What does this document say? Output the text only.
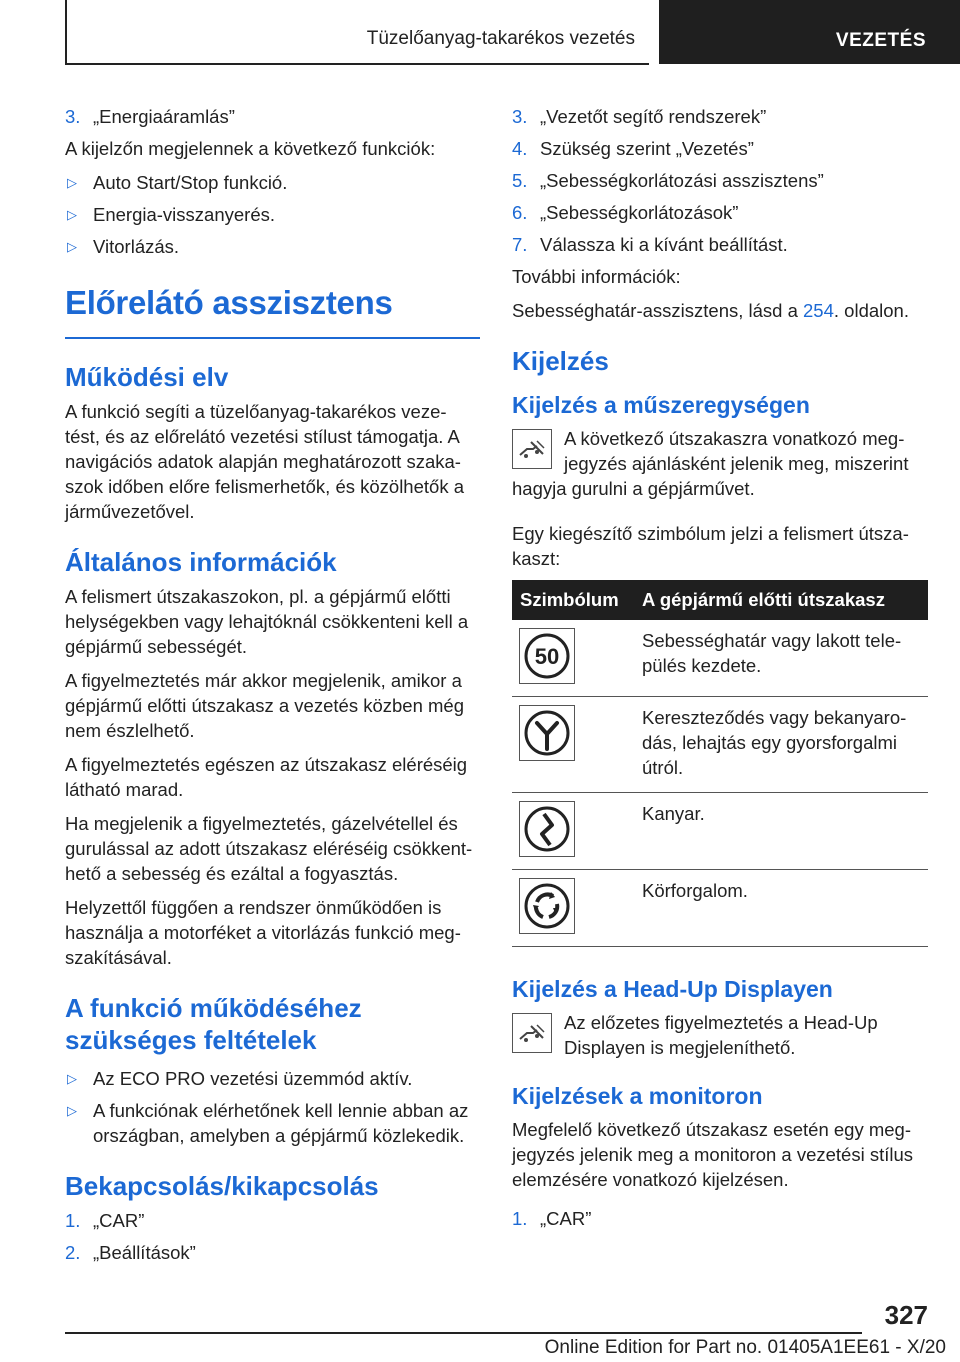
Tüzelőanyag-takarékos vezetés	VEZETÉS
3. „Energiaáramlás”

A kijelzőn megjelennek a következő funkciók:

▷ Auto Start/Stop funkció.
▷ Energia-visszanyerés.
▷ Vitorlázás.
Előrelátó asszisztens
Működési elv

A funkció segíti a tüzelőanyag-takarékos veze-tést, és az előrelátó vezetési stílust támogatja. A navigációs adatok alapján meghatározott szaka-szok időben előre felismerhetők, és közölhetők a járművezetővel.

Általános információk

A felismert útszakaszokon, pl. a gépjármű előtti helységekben vagy lehajtóknál csökkenteni kell a gépjármű sebességét.

A figyelmeztetés már akkor megjelenik, amikor a gépjármű előtti útszakasz a vezetés közben még nem észlelhető.

A figyelmeztetés egészen az útszakasz eléréséig látható marad.

Ha megjelenik a figyelmeztetés, gázelvétellel és gurulással az adott útszakasz eléréséig csökkent-hető a sebesség és ezáltal a fogyasztás.

Helyzettől függően a rendszer önműködően is használja a motorféket a vitorlázás funkció meg-szakításával.

A funkció működéséhez
szükséges feltételek
▷ Az ECO PRO vezetési üzemmód aktív.
▷ A funkciónak elérhetőnek kell lennie abban az országban, amelyben a gépjármű közlekedik.
Bekapcsolás/kikapcsolás
1. „CAR”
2. „Beállítások”
3. „Vezetőt segítő rendszerek”
4. Szükség szerint „Vezetés”
5. „Sebességkorlátozási asszisztens”
6. „Sebességkorlátozások”
7. Válassza ki a kívánt beállítást.

További információk:

Sebességhatár-asszisztens, lásd a 254. oldalon.

Kijelzés
Kijelzés a műszeregységen
A következő útszakaszra vonatkozó meg-jegyzés ajánlásként jelenik meg, miszerint hagyja gurulni a gépjárművet.

Egy kiegészítő szimbólum jelzi a felismert útsza-kaszt:

Szimbólum	A gépjármű előtti útszakasz

50	Sebességhatár vagy lakott tele-pülés kezdete.

	Kereszteződés vagy bekanyaro-dás, lehajtás egy gyorsforgalmi útról.

	Kanyar.

	Körforgalom.
Kijelzés a Head-Up Displayen
Az előzetes figyelmeztetés a Head-Up Displayen is megjeleníthető.
Kijelzések a monitoron

Megfelelő következő útszakasz esetén egy meg-jegyzés jelenik meg a monitoron a vezetési stílus elemzésére vonatkozó kijelzésen.

1. „CAR”
327
Online Edition for Part no. 01405A1EE61 - X/20
